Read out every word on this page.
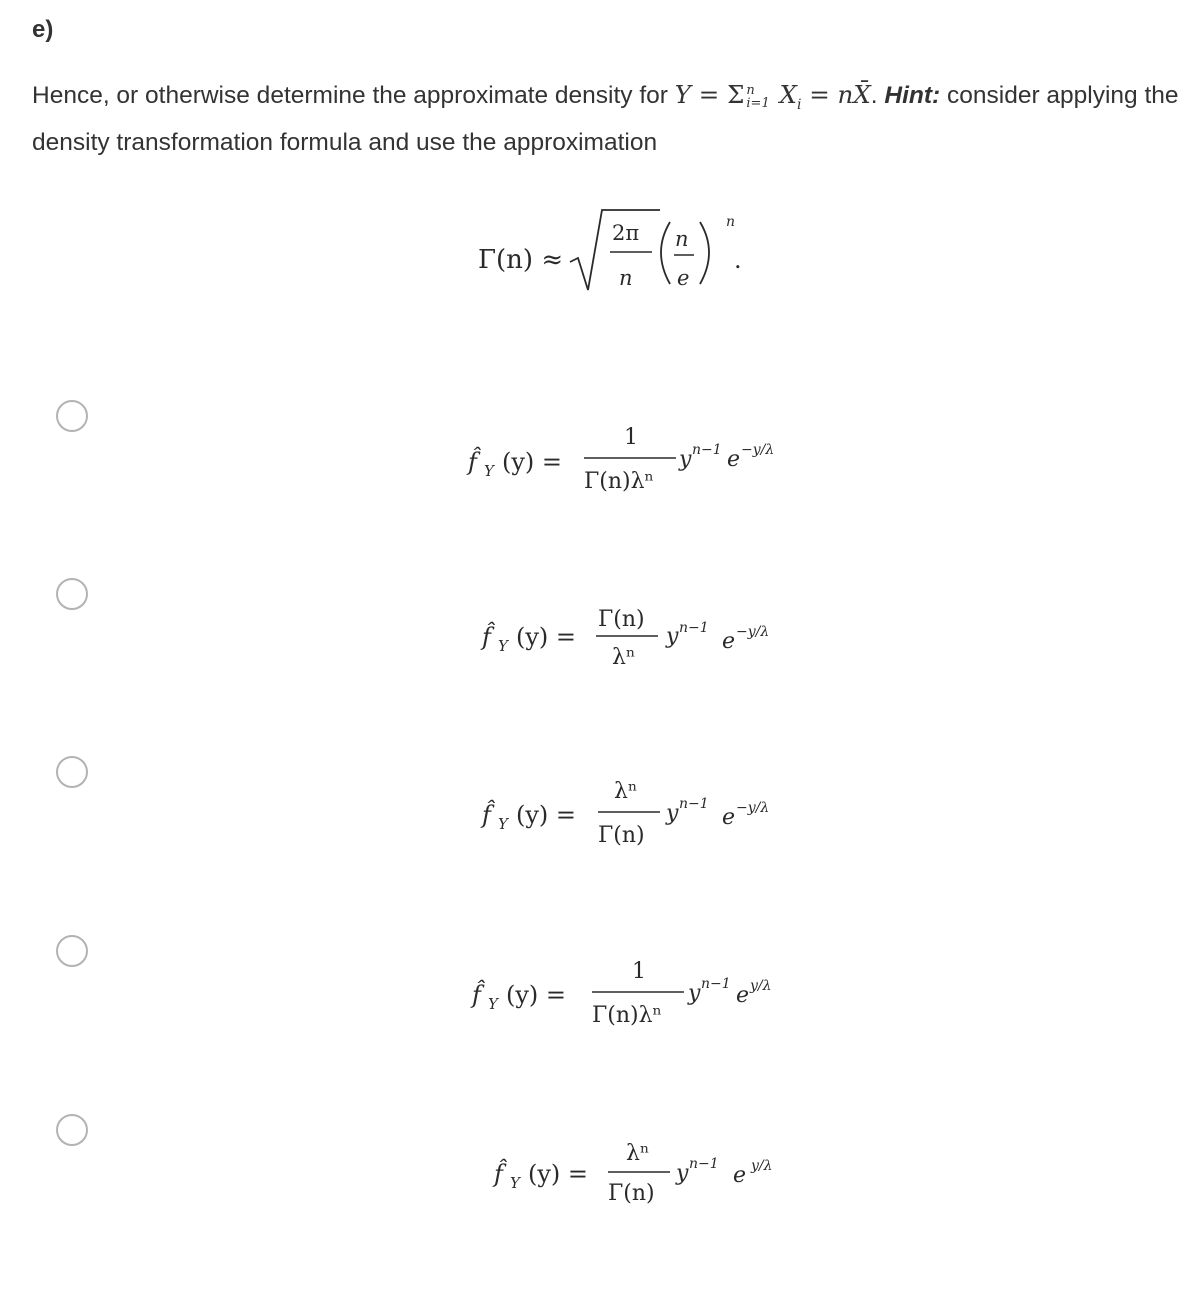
e)
Hence, or otherwise determine the approximate density for Y = Σ n
i=1 $X_i$ = nX̄. Hint: consider applying the density transformation formula and use the approximation
Γ(n) ≈
2π
n
n
e
n
.
f̂ Y (y) =
1
Γ(n)λⁿ
y n−1 e −y/λ
f̂ Y (y) =
Γ(n)
λⁿ
y n−1
e −y/λ
f̂ Y (y) =
λⁿ
Γ(n)
y n−1
e −y/λ
f̂ Y (y) =
1
Γ(n)λⁿ
y n−1 e y/λ
f̂ Y (y) =
λⁿ
Γ(n)
y n−1 e y/λ
